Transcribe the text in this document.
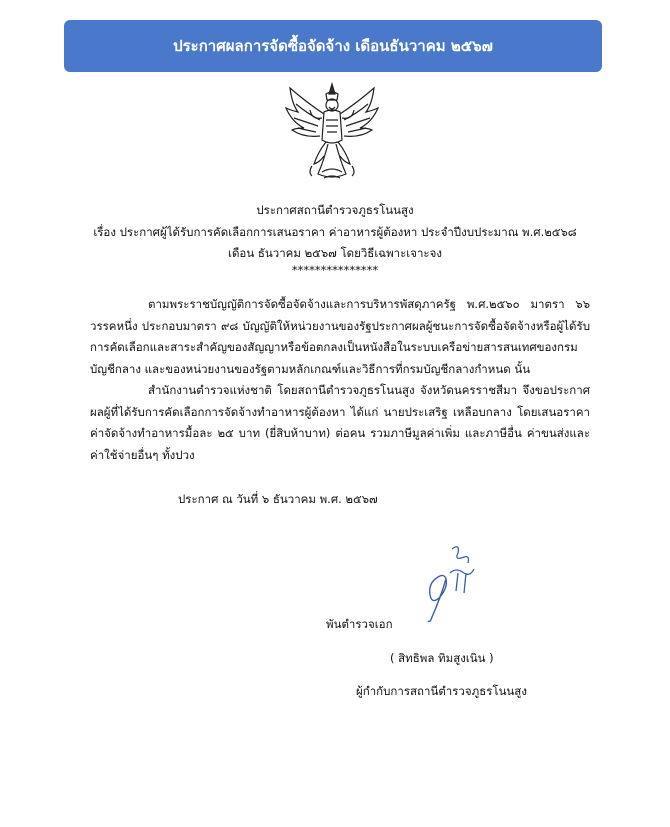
ประกาศผลการจัดซื้อจัดจ้าง เดือนธันวาคม ๒๕๖๗
ประกาศสถานีตำรวจภูธรโนนสูง
เรื่อง ประกาศผู้ได้รับการคัดเลือกการเสนอราคา ค่าอาหารผู้ต้องหา ประจำปีงบประมาณ พ.ศ.๒๕๖๘
เดือน ธันวาคม ๒๕๖๗ โดยวิธีเฉพาะเจาะจง
***************
ตามพระราชบัญญัติการจัดซื้อจัดจ้างและการบริหารพัสดุภาครัฐ พ.ศ.๒๕๖๐ มาตรา ๖๖ วรรคหนึ่ง ประกอบมาตรา ๙๘ บัญญัติให้หน่วยงานของรัฐประกาศผลผู้ชนะการจัดซื้อจัดจ้างหรือผู้ได้รับการคัดเลือกและสาระสำคัญของสัญญาหรือข้อตกลงเป็นหนังสือในระบบเครือข่ายสารสนเทศของกรมบัญชีกลาง และของหน่วยงานของรัฐตามหลักเกณฑ์และวิธีการที่กรมบัญชีกลางกำหนด นั้น
สำนักงานตำรวจแห่งชาติ โดยสถานีตำรวจภูธรโนนสูง จังหวัดนครราชสีมา จึงขอประกาศผลผู้ที่ได้รับการคัดเลือกการจัดจ้างทำอาหารผู้ต้องหา ได้แก่ นายประเสริฐ เหลือบกลาง โดยเสนอราคาค่าจัดจ้างทำอาหารมื้อละ ๒๕ บาท (ยี่สิบห้าบาท) ต่อคน รวมภาษีมูลค่าเพิ่ม และภาษีอื่น ค่าขนส่งและค่าใช้จ่ายอื่นๆ ทั้งปวง
ประกาศ ณ วันที่ ๖ ธันวาคม พ.ศ. ๒๕๖๗
พันตำรวจเอก
( สิทธิพล ทิมสูงเนิน )
ผู้กำกับการสถานีตำรวจภูธรโนนสูง
